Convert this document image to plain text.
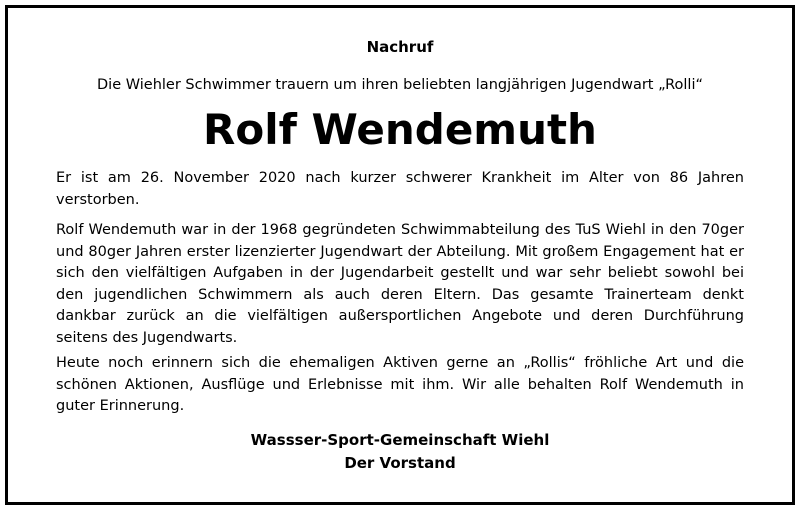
Nachruf
Die Wiehler Schwimmer trauern um ihren beliebten langjährigen Jugendwart „Rolli“
Rolf Wendemuth
Er ist am 26. November 2020 nach kurzer schwerer Krankheit im Alter von 86 Jahren verstorben.
Rolf Wendemuth war in der 1968 gegründeten Schwimmabteilung des TuS Wiehl in den 70ger und 80ger Jahren erster lizenzierter Jugendwart der Abteilung. Mit großem Engagement hat er sich den vielfältigen Aufgaben in der Jugendarbeit gestellt und war sehr beliebt sowohl bei den jugendlichen Schwimmern als auch deren Eltern. Das gesamte Trainerteam denkt dankbar zurück an die vielfältigen außersportlichen Angebote und deren Durchführung seitens des Jugendwarts.
Heute noch erinnern sich die ehemaligen Aktiven gerne an „Rollis“ fröhliche Art und die schönen Aktionen, Ausflüge und Erlebnisse mit ihm. Wir alle behalten Rolf Wendemuth in guter Erinnerung.
Wassser-Sport-Gemeinschaft Wiehl
Der Vorstand
